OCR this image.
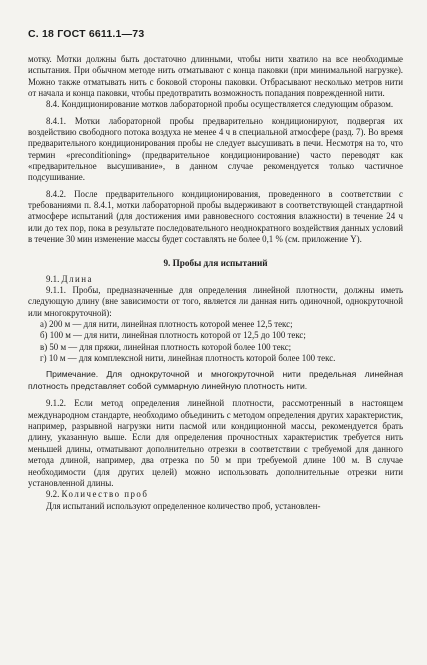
С. 18 ГОСТ 6611.1—73

мотку. Мотки должны быть достаточно длинными, чтобы нити хватило на все необходимые испытания. При обычном методе нить отматывают с конца паковки (при минимальной нагрузке). Можно также отматывать нить с боковой стороны паковки. Отбрасывают несколько метров нити от начала и конца паковки, чтобы предотвратить возможность попадания поврежденной нити.

8.4. Кондиционирование мотков лабораторной пробы осуществляется следующим образом.

8.4.1. Мотки лабораторной пробы предварительно кондиционируют, подвергая их воздействию свободного потока воздуха не менее 4 ч в специальной атмосфере (разд. 7). Во время предварительного кондиционирования пробы не следует высушивать в печи. Несмотря на то, что термин «preconditioning» (предварительное кондиционирование) часто переводят как «предварительное высушивание», в данном случае рекомендуется только частичное подсушивание.

8.4.2. После предварительного кондиционирования, проведенного в соответствии с требованиями п. 8.4.1, мотки лабораторной пробы выдерживают в соответствующей стандартной атмосфере испытаний (для достижения ими равновесного состояния влажности) в течение 24 ч или до тех пор, пока в результате последовательного неоднократного воздействия данных условий в течение 30 мин изменение массы будет составлять не более 0,1 % (см. приложение Y).

9. Пробы для испытаний

9.1. Длина

9.1.1. Пробы, предназначенные для определения линейной плотности, должны иметь следующую длину (вне зависимости от того, является ли данная нить одиночной, однокруточной или многокруточной):

а) 200 м — для нити, линейная плотность которой менее 12,5 текс;

б) 100 м — для нити, линейная плотность которой от 12,5 до 100 текс;

в) 50 м — для пряжи, линейная плотность которой более 100 текс;

г) 10 м — для комплексной нити, линейная плотность которой более 100 текс.

Примечание. Для однокруточной и многокруточной нити предельная линейная плотность представляет собой суммарную линейную плотность нити.

9.1.2. Если метод определения линейной плотности, рассмотренный в настоящем международном стандарте, необходимо объединить с методом определения других характеристик, например, разрывной нагрузки нити пасмой или кондиционной массы, рекомендуется брать длину, указанную выше. Если для определения прочностных характеристик требуется нить меньшей длины, отматывают дополнительно отрезки в соответствии с требуемой для данного метода длиной, например, два отрезка по 50 м при требуемой длине 100 м. В случае необходимости (для других целей) можно использовать дополнительные отрезки нити установленной длины.

9.2. Количество проб

Для испытаний используют определенное количество проб, установлен-
